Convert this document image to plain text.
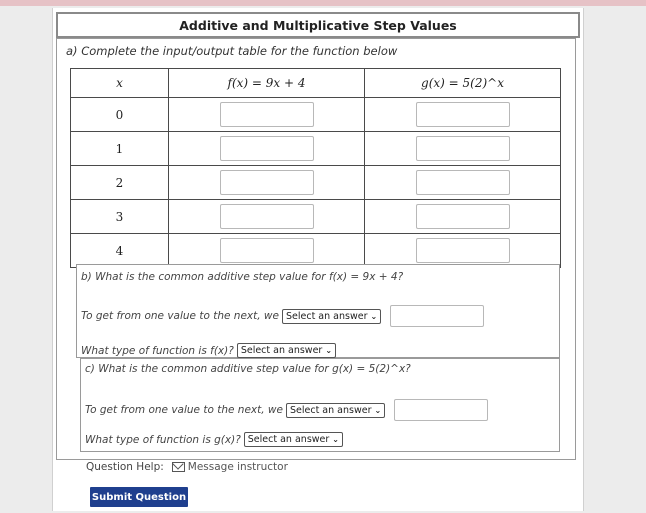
Additive and Multiplicative Step Values
a) Complete the input/output table for the function below
x	f(x) = 9x + 4	g(x) = 5(2)^x
0		
1		
2		
3		
4		
b) What is the common additive step value for f(x) = 9x + 4?
To get from one value to the next, we Select an answer ⌄
What type of function is f(x)? Select an answer ⌄
c) What is the common additive step value for g(x) = 5(2)^x?
To get from one value to the next, we Select an answer ⌄
What type of function is g(x)? Select an answer ⌄
Question Help: Message instructor
Submit Question
